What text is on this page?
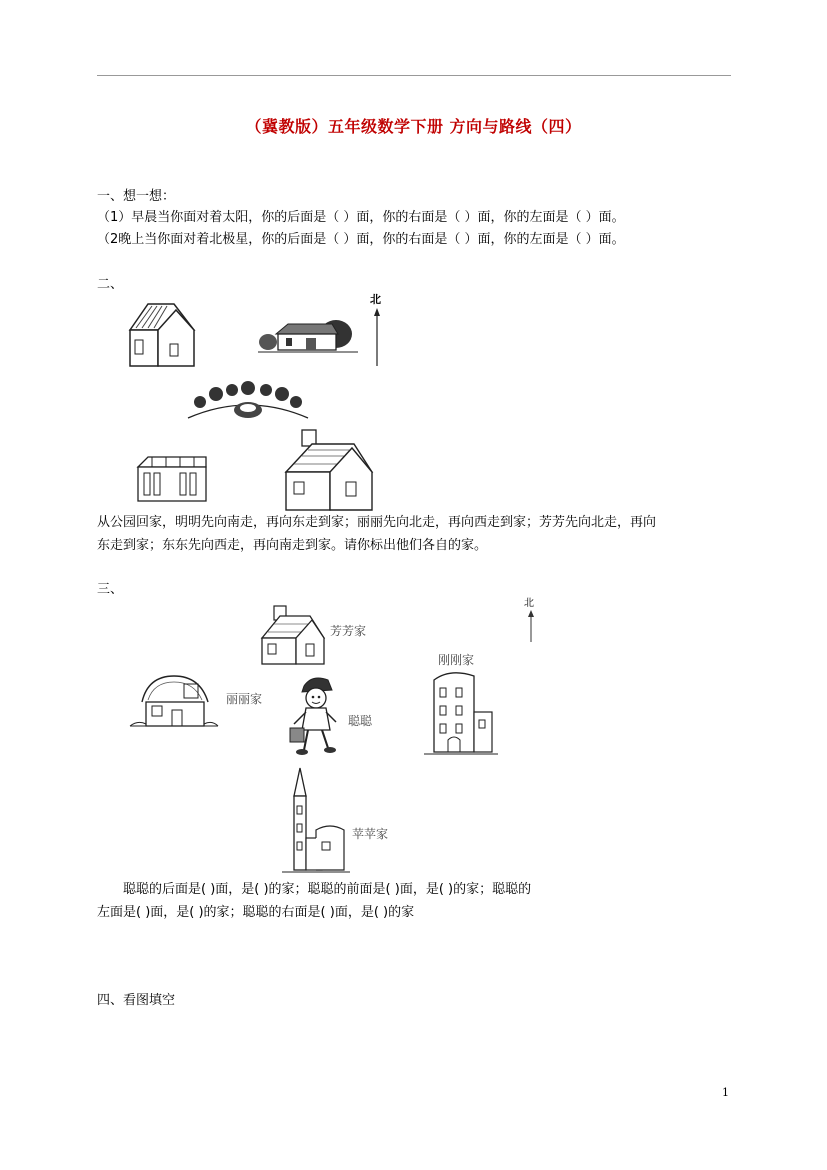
（冀教版）五年级数学下册 方向与路线（四）
一、想一想：
（1）早晨当你面对着太阳，你的后面是（ ）面，你的右面是（ ）面，你的左面是（ ）面。
（2晚上当你面对着北极星，你的后面是（ ）面，你的右面是（ ）面，你的左面是（ ）面。
二、
北
从公园回家，明明先向南走，再向东走到家；丽丽先向北走，再向西走到家；芳芳先向北走，再向
东走到家；东东先向西走，再向南走到家。请你标出他们各自的家。
三、
芳芳家
北
刚刚家
丽丽家
聪聪
苹苹家
聪聪的后面是( )面，是( )的家；聪聪的前面是( )面，是( )的家；聪聪的
左面是( )面，是( )的家；聪聪的右面是( )面，是( )的家
四、看图填空
1
